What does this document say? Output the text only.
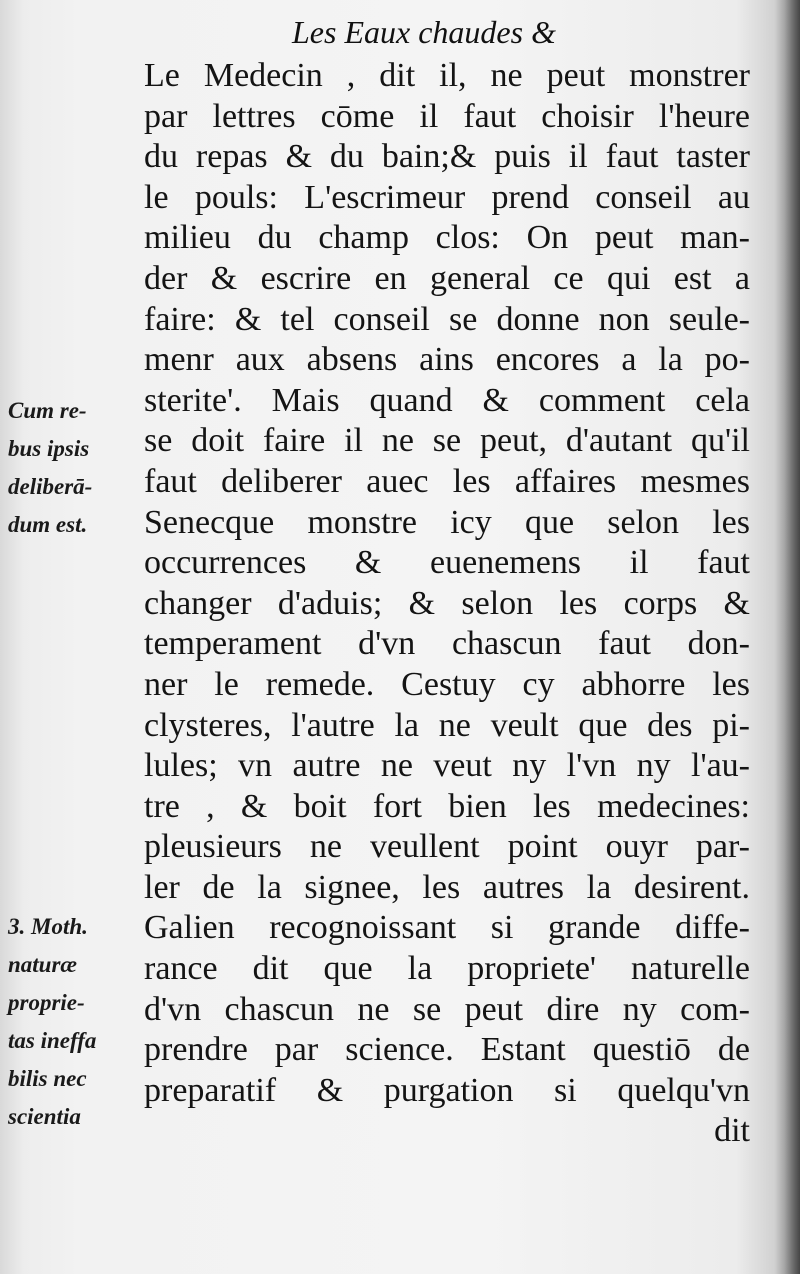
Les Eaux chaudes &
Le Medecin , dit il, ne peut monstrer
par lettres cōme il faut choisir l'heure
du repas & du bain;& puis il faut taster
le pouls: L'escrimeur prend conseil au
milieu du champ clos: On peut man-
der & escrire en general ce qui est a
faire: & tel conseil se donne non seule-
menr aux absens ains encores a la po-
sterite'. Mais quand & comment cela
se doit faire il ne se peut, d'autant qu'il
faut deliberer auec les affaires mesmes
Senecque monstre icy que selon les
occurrences & euenemens il faut
changer d'aduis; & selon les corps &
temperament d'vn chascun faut don-
ner le remede. Cestuy cy abhorre les
clysteres, l'autre la ne veult que des pi-
lules; vn autre ne veut ny l'vn ny l'au-
tre , & boit fort bien les medecines:
pleusieurs ne veullent point ouyr par-
ler de la signee, les autres la desirent.
Galien recognoissant si grande diffe-
rance dit que la propriete' naturelle
d'vn chascun ne se peut dire ny com-
prendre par science. Estant questiō de
preparatif & purgation si quelqu'vn
dit
Cum re-
bus ipsis
deliberā-
dum est.
3. Moth.
naturæ
proprie-
tas ineffa
bilis nec
scientia
